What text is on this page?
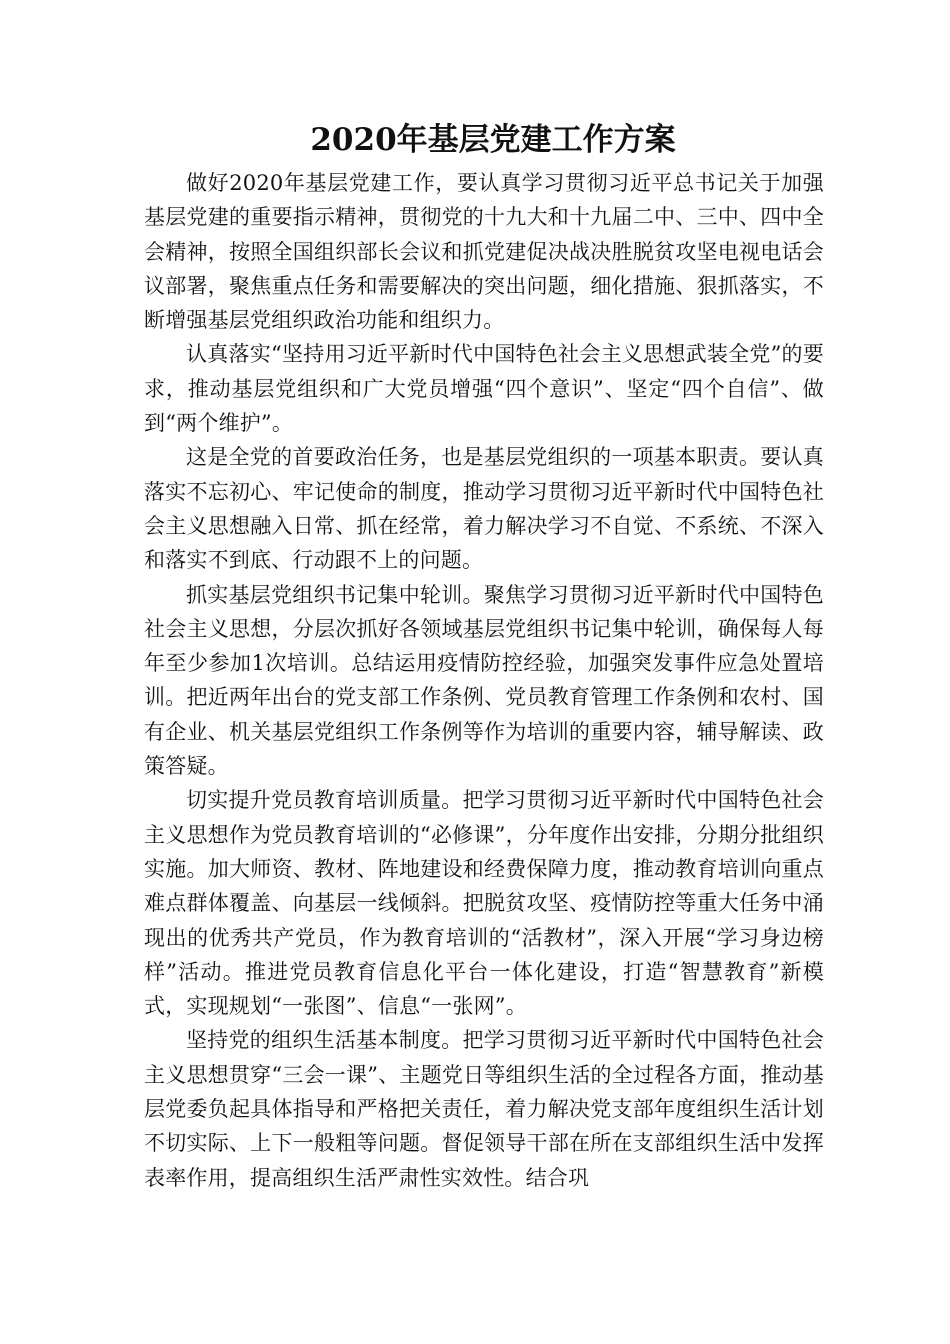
2020年基层党建工作方案

做好2020年基层党建工作，要认真学习贯彻习近平总书记关于加强基层党建的重要指示精神，贯彻党的十九大和十九届二中、三中、四中全会精神，按照全国组织部长会议和抓党建促决战决胜脱贫攻坚电视电话会议部署，聚焦重点任务和需要解决的突出问题，细化措施、狠抓落实，不断增强基层党组织政治功能和组织力。

认真落实“坚持用习近平新时代中国特色社会主义思想武装全党”的要求，推动基层党组织和广大党员增强“四个意识”、坚定“四个自信”、做到“两个维护”。

这是全党的首要政治任务，也是基层党组织的一项基本职责。要认真落实不忘初心、牢记使命的制度，推动学习贯彻习近平新时代中国特色社会主义思想融入日常、抓在经常，着力解决学习不自觉、不系统、不深入和落实不到底、行动跟不上的问题。

抓实基层党组织书记集中轮训。聚焦学习贯彻习近平新时代中国特色社会主义思想，分层次抓好各领域基层党组织书记集中轮训，确保每人每年至少参加1次培训。总结运用疫情防控经验，加强突发事件应急处置培训。把近两年出台的党支部工作条例、党员教育管理工作条例和农村、国有企业、机关基层党组织工作条例等作为培训的重要内容，辅导解读、政策答疑。

切实提升党员教育培训质量。把学习贯彻习近平新时代中国特色社会主义思想作为党员教育培训的“必修课”，分年度作出安排，分期分批组织实施。加大师资、教材、阵地建设和经费保障力度，推动教育培训向重点难点群体覆盖、向基层一线倾斜。把脱贫攻坚、疫情防控等重大任务中涌现出的优秀共产党员，作为教育培训的“活教材”，深入开展“学习身边榜样”活动。推进党员教育信息化平台一体化建设，打造“智慧教育”新模式，实现规划“一张图”、信息“一张网”。

坚持党的组织生活基本制度。把学习贯彻习近平新时代中国特色社会主义思想贯穿“三会一课”、主题党日等组织生活的全过程各方面，推动基层党委负起具体指导和严格把关责任，着力解决党支部年度组织生活计划不切实际、上下一般粗等问题。督促领导干部在所在支部组织生活中发挥表率作用，提高组织生活严肃性实效性。结合巩
